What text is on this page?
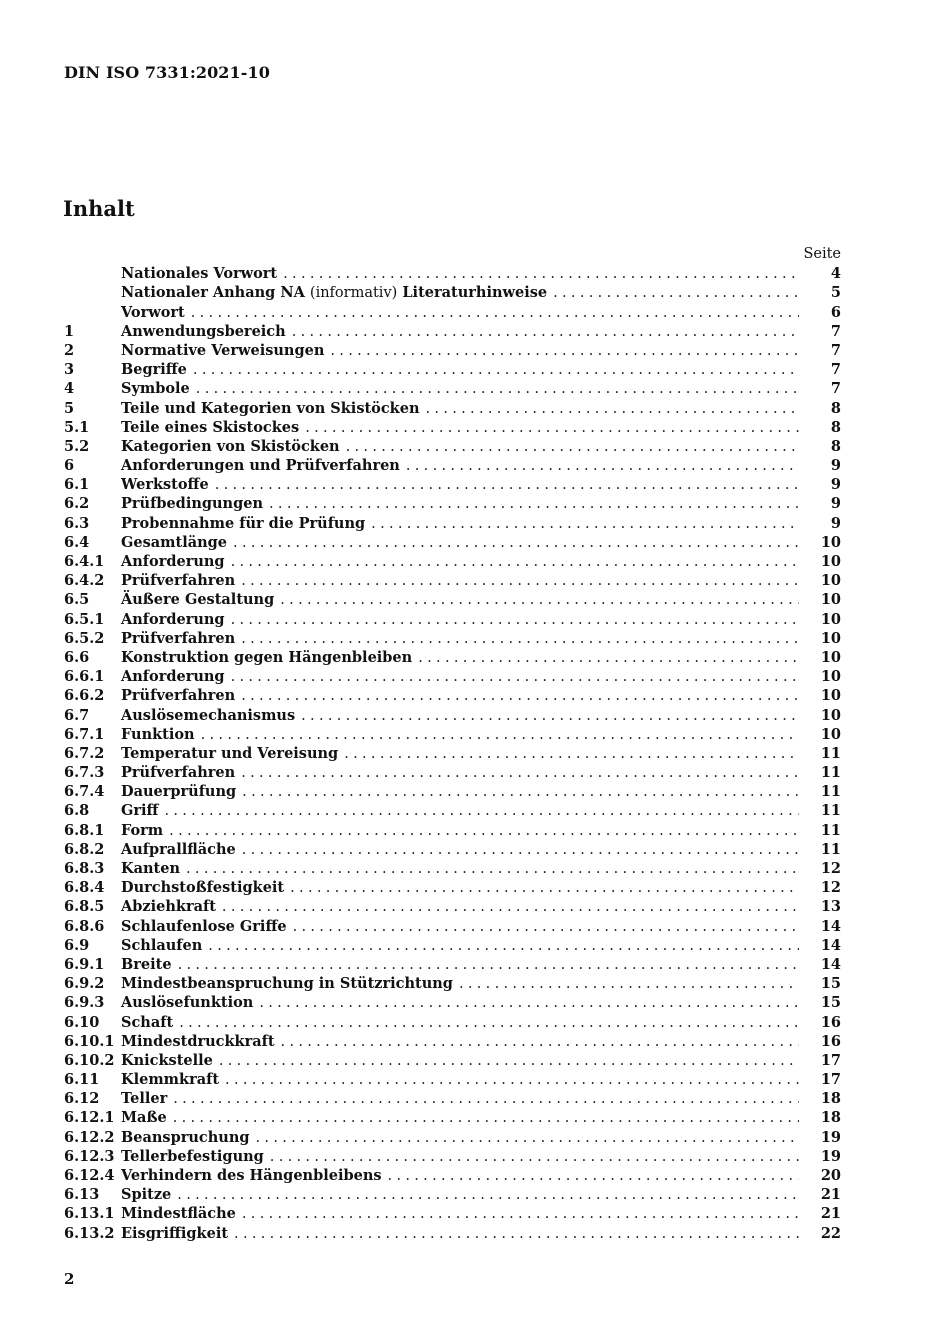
DIN ISO 7331:2021-10
Inhalt
Seite
Nationales Vorwort .....	4
Nationaler Anhang NA (informativ) Literaturhinweise .....	5
Vorwort .....	6
1	Anwendungsbereich .....	7
2	Normative Verweisungen .....	7
3	Begriffe .....	7
4	Symbole .....	7
5	Teile und Kategorien von Skistöcken .....	8
5.1	Teile eines Skistockes .....	8
5.2	Kategorien von Skistöcken .....	8
6	Anforderungen und Prüfverfahren .....	9
6.1	Werkstoffe .....	9
6.2	Prüfbedingungen .....	9
6.3	Probennahme für die Prüfung .....	9
6.4	Gesamtlänge .....	10
6.4.1	Anforderung .....	10
6.4.2	Prüfverfahren .....	10
6.5	Äußere Gestaltung .....	10
6.5.1	Anforderung .....	10
6.5.2	Prüfverfahren .....	10
6.6	Konstruktion gegen Hängenbleiben .....	10
6.6.1	Anforderung .....	10
6.6.2	Prüfverfahren .....	10
6.7	Auslösemechanismus .....	10
6.7.1	Funktion .....	10
6.7.2	Temperatur und Vereisung .....	11
6.7.3	Prüfverfahren .....	11
6.7.4	Dauerprüfung .....	11
6.8	Griff .....	11
6.8.1	Form .....	11
6.8.2	Aufprallfläche .....	11
6.8.3	Kanten .....	12
6.8.4	Durchstoßfestigkeit .....	12
6.8.5	Abziehkraft .....	13
6.8.6	Schlaufenlose Griffe .....	14
6.9	Schlaufen .....	14
6.9.1	Breite .....	14
6.9.2	Mindestbeanspruchung in Stützrichtung .....	15
6.9.3	Auslösefunktion .....	15
6.10	Schaft .....	16
6.10.1 Mindestdruckkraft .....	16
6.10.2 Knickstelle .....	17
6.11	Klemmkraft .....	17
6.12	Teller .....	18
6.12.1 Maße .....	18
6.12.2 Beanspruchung .....	19
6.12.3 Tellerbefestigung .....	19
6.12.4 Verhindern des Hängenbleibens .....	20
6.13	Spitze .....	21
6.13.1 Mindestfläche .....	21
6.13.2 Eisgriffigkeit .....	22
2
